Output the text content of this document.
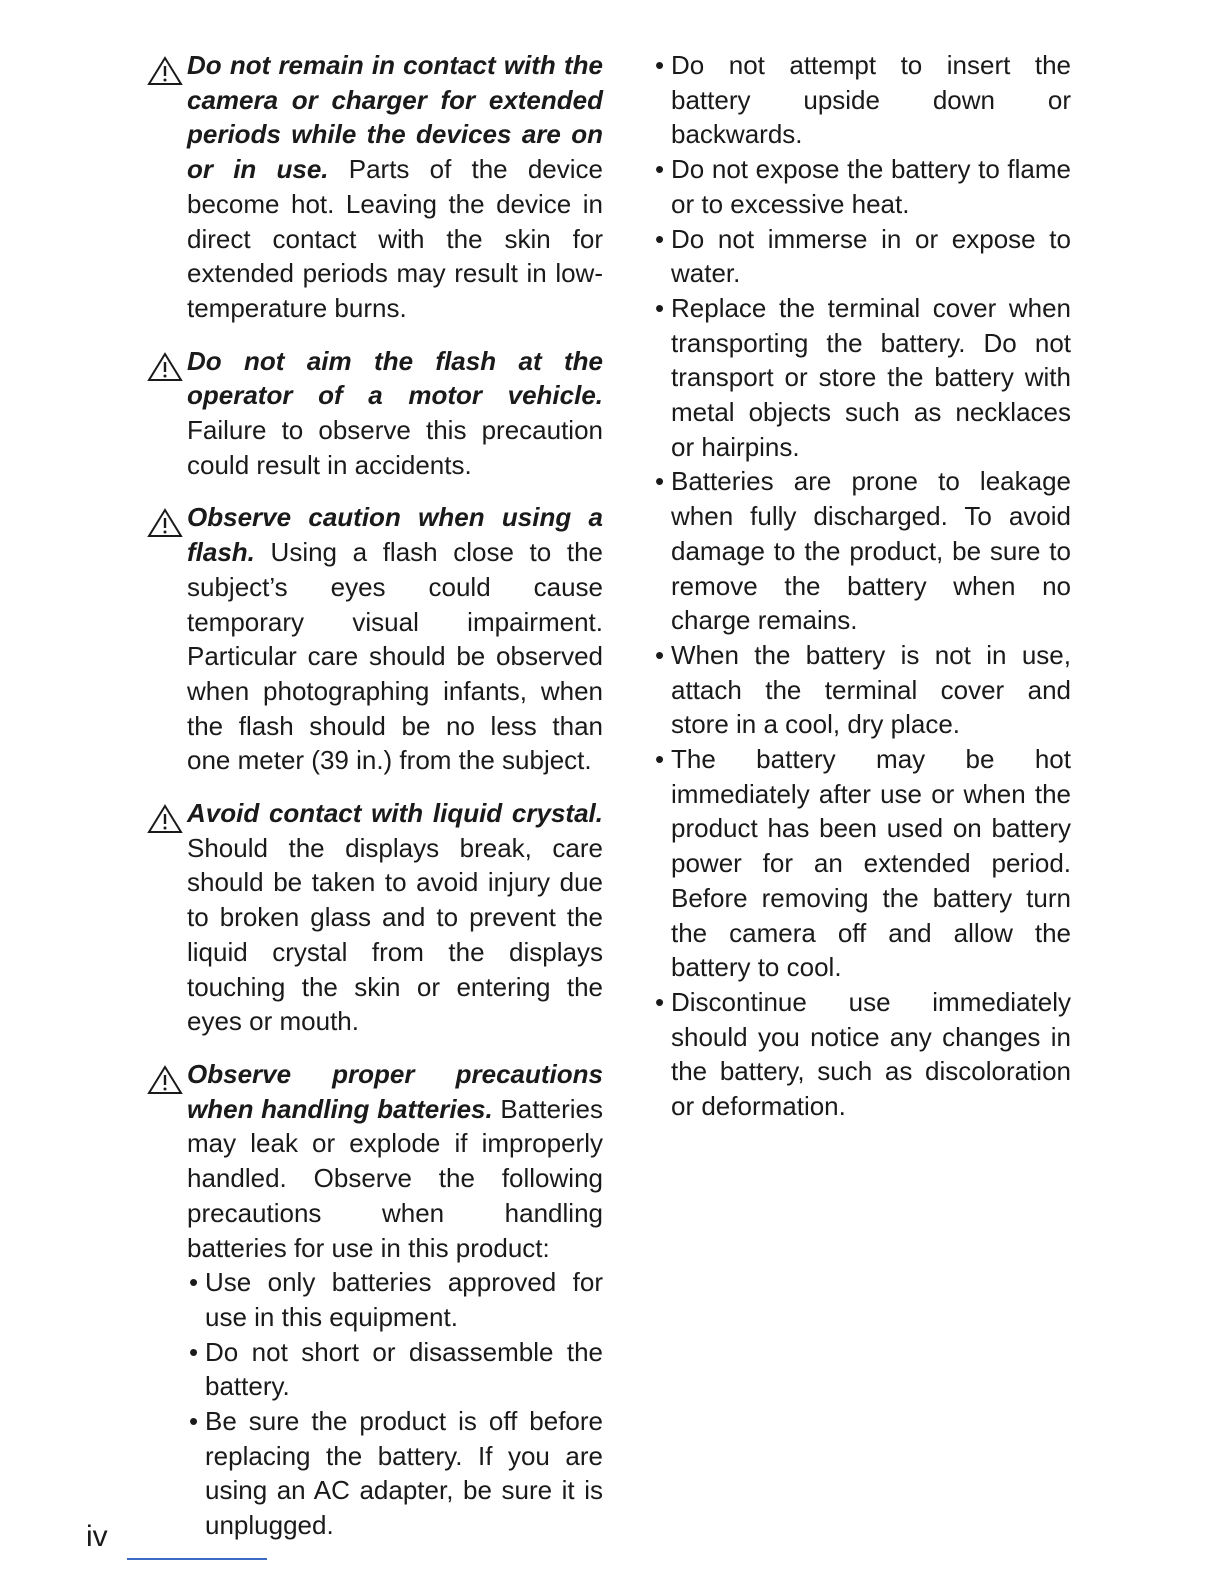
Do not remain in contact with the camera or charger for extended periods while the devices are on or in use. Parts of the device become hot. Leaving the device in direct contact with the skin for extended periods may result in low-temperature burns.

Do not aim the flash at the operator of a motor vehicle. Failure to observe this precaution could result in accidents.

Observe caution when using a flash. Using a flash close to the subject’s eyes could cause temporary visual impairment. Particular care should be observed when photographing infants, when the flash should be no less than one meter (39 in.) from the subject.

Avoid contact with liquid crystal. Should the displays break, care should be taken to avoid injury due to broken glass and to prevent the liquid crystal from the displays touching the skin or entering the eyes or mouth.

Observe proper precautions when handling batteries. Batteries may leak or explode if improperly handled. Observe the following precautions when handling batteries for use in this product:

• Use only batteries approved for use in this equipment.
• Do not short or disassemble the battery.
• Be sure the product is off before replacing the battery. If you are using an AC adapter, be sure it is unplugged.
• Do not attempt to insert the battery upside down or backwards.
• Do not expose the battery to flame or to excessive heat.
• Do not immerse in or expose to water.
• Replace the terminal cover when transporting the battery. Do not transport or store the battery with metal objects such as necklaces or hairpins.
• Batteries are prone to leakage when fully discharged. To avoid damage to the product, be sure to remove the battery when no charge remains.
• When the battery is not in use, attach the terminal cover and store in a cool, dry place.
• The battery may be hot immediately after use or when the product has been used on battery power for an extended period. Before removing the battery turn the camera off and allow the battery to cool.
• Discontinue use immediately should you notice any changes in the battery, such as discoloration or deformation.
iv
